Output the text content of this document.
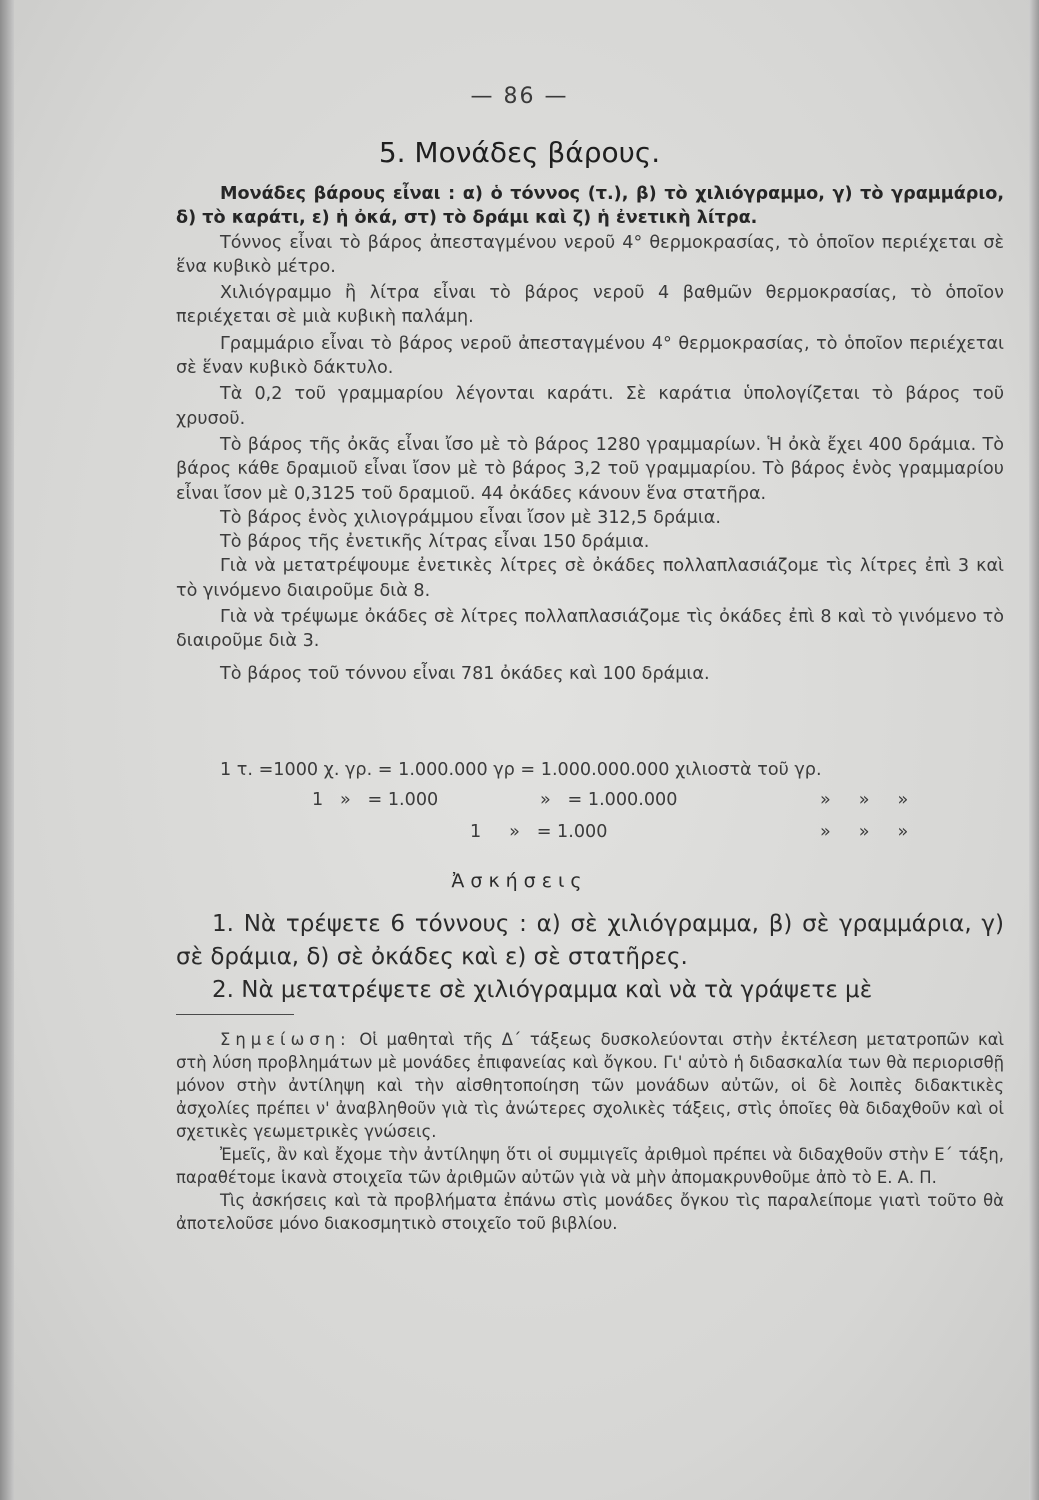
— 86 —
5. Μονάδες βάρους.

Μονάδες βάρους εἶναι : α) ὁ τόννος (τ.), β) τὸ χιλιόγραμμο, γ) τὸ γραμμάριο, δ) τὸ καράτι, ε) ἡ ὀκά, στ) τὸ δράμι καὶ ζ) ἡ ἐνετικὴ λίτρα.

Τόννος εἶναι τὸ βάρος ἀπεσταγμένου νεροῦ 4° θερμοκρασίας, τὸ ὁποῖον περιέχεται σὲ ἕνα κυβικὸ μέτρο.

Χιλιόγραμμο ἢ λίτρα εἶναι τὸ βάρος νεροῦ 4 βαθμῶν θερμοκρασίας, τὸ ὁποῖον περιέχεται σὲ μιὰ κυβικὴ παλάμη.

Γραμμάριο εἶναι τὸ βάρος νεροῦ ἀπεσταγμένου 4° θερμοκρασίας, τὸ ὁποῖον περιέχεται σὲ ἕναν κυβικὸ δάκτυλο.

Τὰ 0,2 τοῦ γραμμαρίου λέγονται καράτι. Σὲ καράτια ὑπολογίζεται τὸ βάρος τοῦ χρυσοῦ.

Τὸ βάρος τῆς ὀκᾶς εἶναι ἴσο μὲ τὸ βάρος 1280 γραμμαρίων. Ἡ ὀκὰ ἔχει 400 δράμια. Τὸ βάρος κάθε δραμιοῦ εἶναι ἴσον μὲ τὸ βάρος 3,2 τοῦ γραμμαρίου. Τὸ βάρος ἑνὸς γραμμαρίου εἶναι ἴσον μὲ 0,3125 τοῦ δραμιοῦ. 44 ὀκάδες κάνουν ἕνα στατῆρα.

Τὸ βάρος ἑνὸς χιλιογράμμου εἶναι ἴσον μὲ 312,5 δράμια.

Τὸ βάρος τῆς ἐνετικῆς λίτρας εἶναι 150 δράμια.

Γιὰ νὰ μετατρέψουμε ἐνετικὲς λίτρες σὲ ὀκάδες πολλαπλασιάζομε τὶς λίτρες ἐπὶ 3 καὶ τὸ γινόμενο διαιροῦμε διὰ 8.

Γιὰ νὰ τρέψωμε ὀκάδες σὲ λίτρες πολλαπλασιάζομε τὶς ὀκάδες ἐπὶ 8 καὶ τὸ γινόμενο τὸ διαιροῦμε διὰ 3.

Τὸ βάρος τοῦ τόννου εἶναι 781 ὀκάδες καὶ 100 δράμια.

1 τ. =1000 χ. γρ. = 1.000.000 γρ = 1.000.000.000 χιλιοστὰ τοῦ γρ.
1   »   = 1.000	»   = 1.000.000	»     »     »
1     »   = 1.000	»     »     »
Ἀσκήσεις

1. Νὰ τρέψετε 6 τόννους : α) σὲ χιλιόγραμμα, β) σὲ γραμμάρια, γ) σὲ δράμια, δ) σὲ ὀκάδες καὶ ε) σὲ στατῆρες.

2. Νὰ μετατρέψετε σὲ χιλιόγραμμα καὶ νὰ τὰ γράψετε μὲ

Σημείωση: Οἱ μαθηταὶ τῆς Δ΄ τάξεως δυσκολεύονται στὴν ἐκτέλεση μετατροπῶν καὶ στὴ λύση προβλημάτων μὲ μονάδες ἐπιφανείας καὶ ὄγκου. Γι' αὐτὸ ἡ διδασκαλία των θὰ περιορισθῇ μόνον στὴν ἀντίληψη καὶ τὴν αἰσθητοποίηση τῶν μονάδων αὐτῶν, οἱ δὲ λοιπὲς διδακτικὲς ἀσχολίες πρέπει ν' ἀναβληθοῦν γιὰ τὶς ἀνώτερες σχολικὲς τάξεις, στὶς ὁποῖες θὰ διδαχθοῦν καὶ οἱ σχετικὲς γεωμετρικὲς γνώσεις.

Ἐμεῖς, ἂν καὶ ἔχομε τὴν ἀντίληψη ὅτι οἱ συμμιγεῖς ἀριθμοὶ πρέπει νὰ διδαχθοῦν στὴν Ε΄ τάξη, παραθέτομε ἱκανὰ στοιχεῖα τῶν ἀριθμῶν αὐτῶν γιὰ νὰ μὴν ἀπομακρυνθοῦμε ἀπὸ τὸ Ε. Α. Π.

Τὶς ἀσκήσεις καὶ τὰ προβλήματα ἐπάνω στὶς μονάδες ὄγκου τὶς παραλείπομε γιατὶ τοῦτο θὰ ἀποτελοῦσε μόνο διακοσμητικὸ στοιχεῖο τοῦ βιβλίου.
